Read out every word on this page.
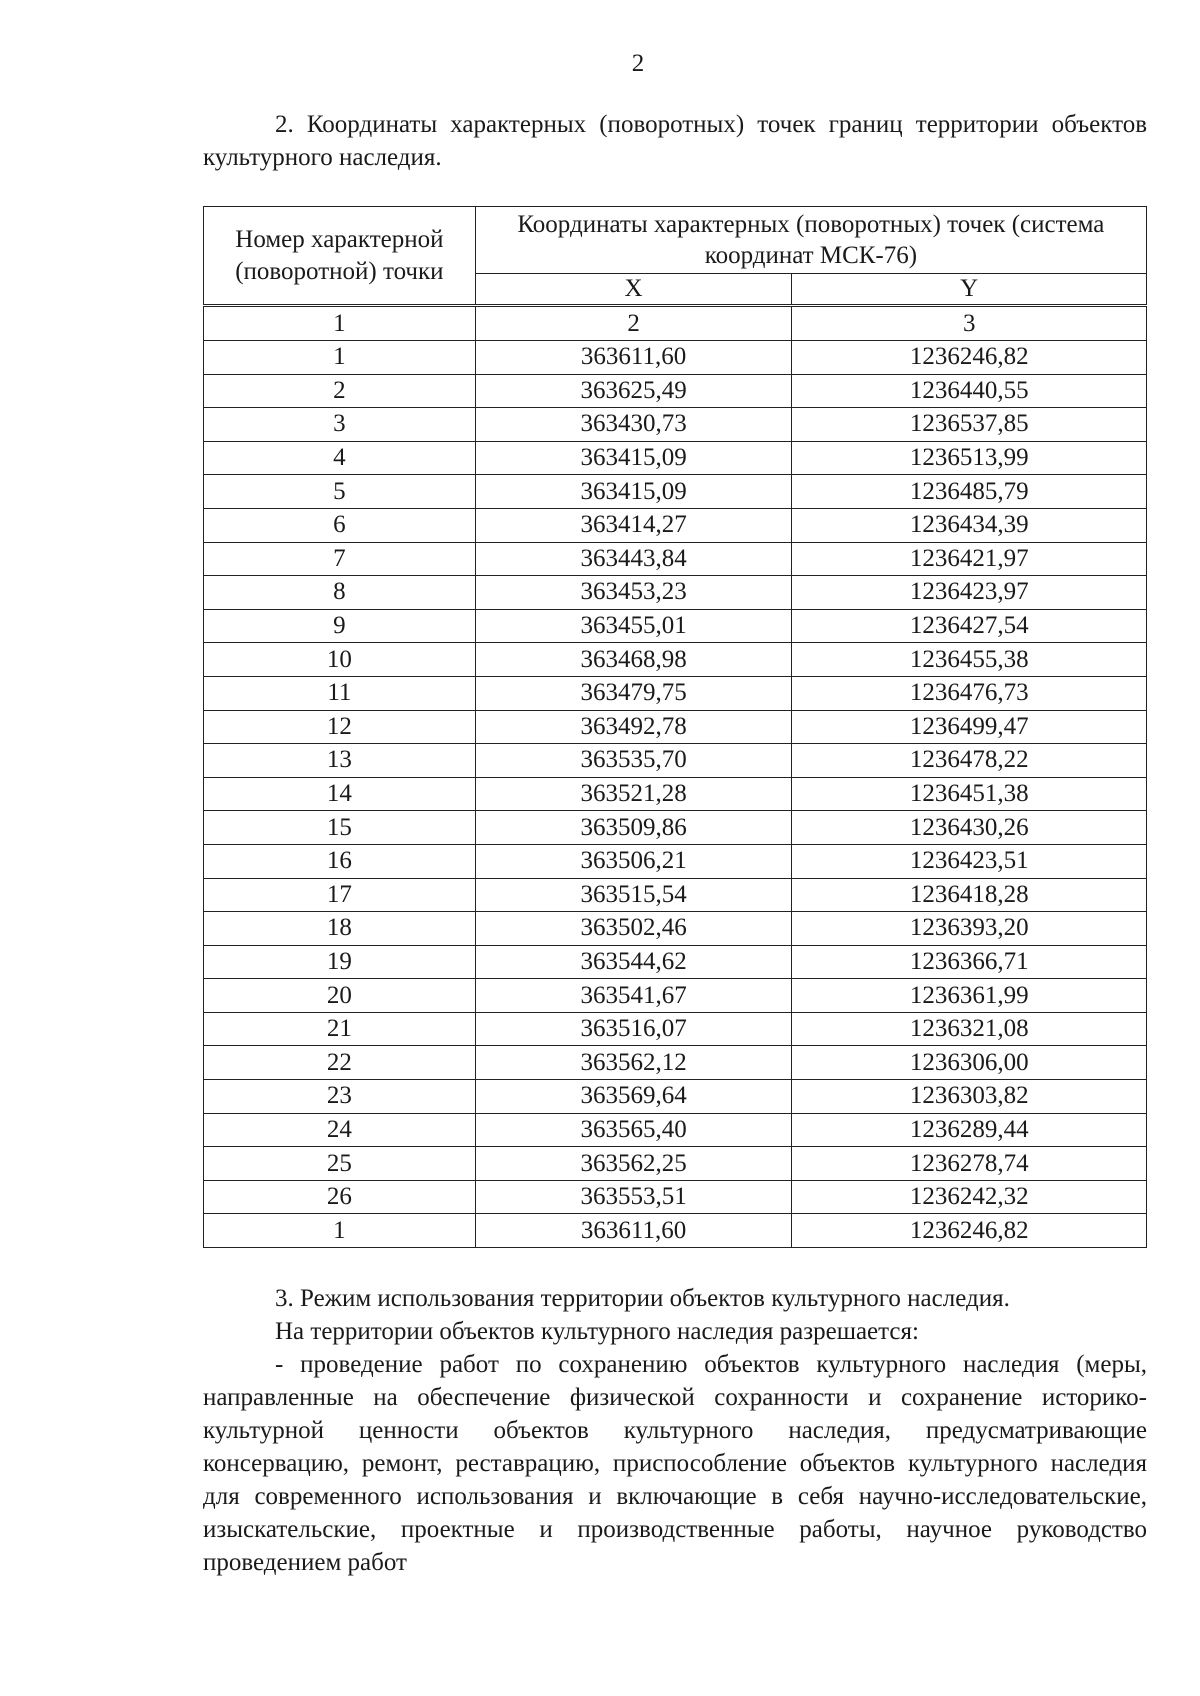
2
2. Координаты характерных (поворотных) точек границ территории объектов культурного наследия.
Номер характерной (поворотной) точки	Координаты характерных (поворотных) точек (система координат МСК-76)	
	X	Y
1	2	3
1	363611,60	1236246,82
2	363625,49	1236440,55
3	363430,73	1236537,85
4	363415,09	1236513,99
5	363415,09	1236485,79
6	363414,27	1236434,39
7	363443,84	1236421,97
8	363453,23	1236423,97
9	363455,01	1236427,54
10	363468,98	1236455,38
11	363479,75	1236476,73
12	363492,78	1236499,47
13	363535,70	1236478,22
14	363521,28	1236451,38
15	363509,86	1236430,26
16	363506,21	1236423,51
17	363515,54	1236418,28
18	363502,46	1236393,20
19	363544,62	1236366,71
20	363541,67	1236361,99
21	363516,07	1236321,08
22	363562,12	1236306,00
23	363569,64	1236303,82
24	363565,40	1236289,44
25	363562,25	1236278,74
26	363553,51	1236242,32
1	363611,60	1236246,82

3. Режим использования территории объектов культурного наследия.

На территории объектов культурного наследия разрешается:

- проведение работ по сохранению объектов культурного наследия (меры, направленные на обеспечение физической сохранности и сохранение историко-культурной ценности объектов культурного наследия, предусматривающие консервацию, ремонт, реставрацию, приспособление объектов культурного наследия для современного использования и включающие в себя научно-исследовательские, изыскательские, проектные и производственные работы, научное руководство проведением работ
